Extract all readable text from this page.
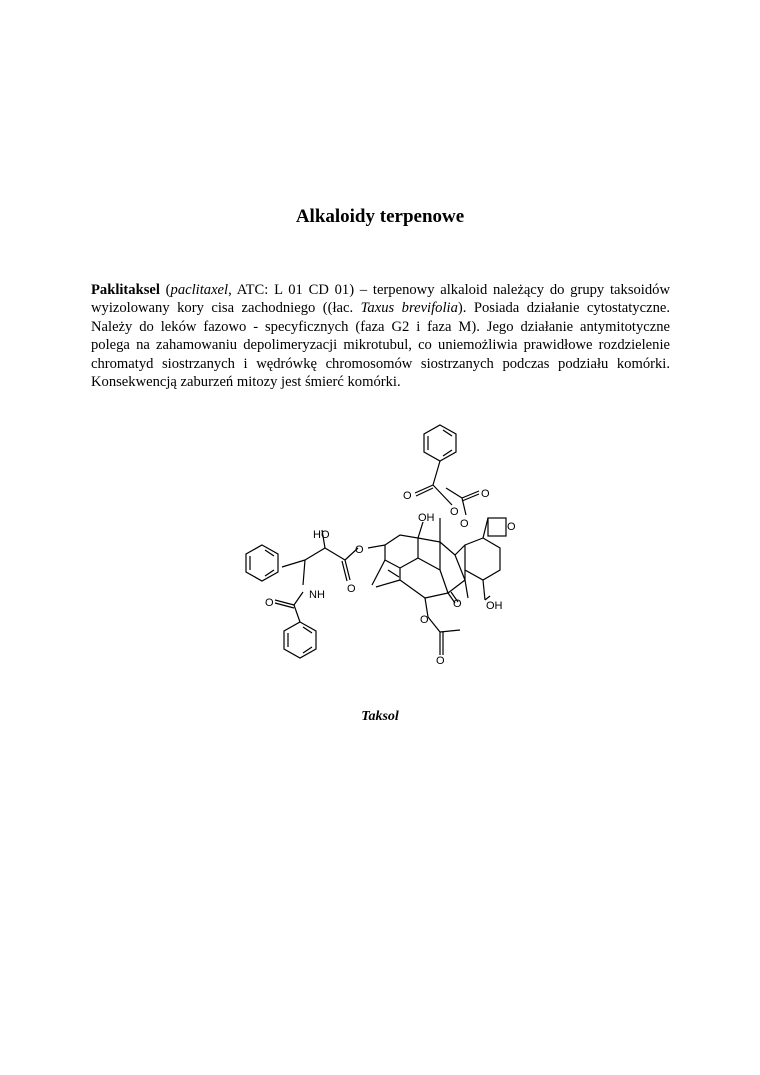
Alkaloidy terpenowe

Paklitaksel (paclitaxel, ATC: L 01 CD 01) – terpenowy alkaloid należący do grupy taksoidów wyizolowany kory cisa zachodniego ((łac. Taxus brevifolia). Posiada działanie cytostatyczne. Należy do leków fazowo - specyficznych (faza G2 i faza M). Jego działanie antymitotyczne polega na zahamowaniu depolimeryzacji mikrotubul, co uniemożliwia prawidłowe rozdzielenie chromatyd siostrzanych i wędrówkę chromosomów siostrzanych podczas podziału komórki. Konsekwencją zaburzeń mitozy jest śmierć komórki.

HO
OH
OH
NH
O
O
O
O
O
O
O
O
O
O
O

Taksol
